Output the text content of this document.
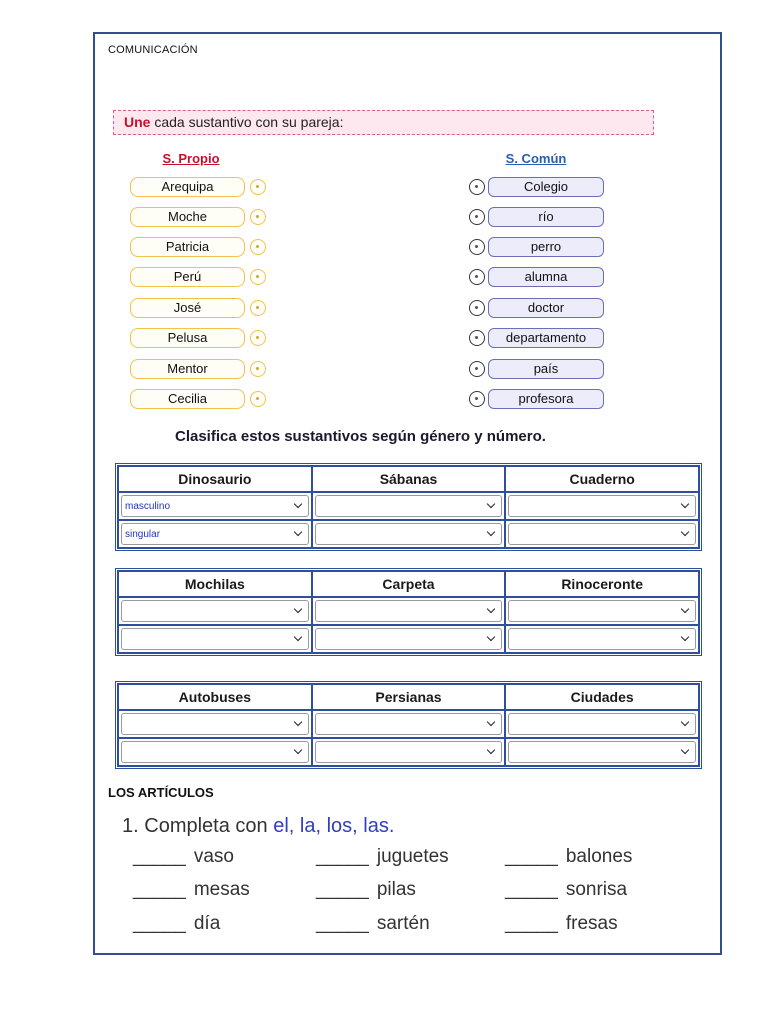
COMUNICACIÓN
Une cada sustantivo con su pareja:
S. Propio	S. Común
Arequipa	Colegio
Moche	río
Patricia	perro
Perú	alumna
José	doctor
Pelusa	departamento
Mentor	país
Cecilia	profesora
Clasifica estos sustantivos según género y número.
Dinosaurio	Sábanas	Cuaderno
masculino
singular
Mochilas	Carpeta	Rinoceronte
Autobuses	Persianas	Ciudades
LOS ARTÍCULOS
1. Completa con el, la, los, las.
_____ vaso	_____ juguetes	_____ balones
_____ mesas	_____ pilas	_____ sonrisa
_____ día	_____ sartén	_____ fresas
